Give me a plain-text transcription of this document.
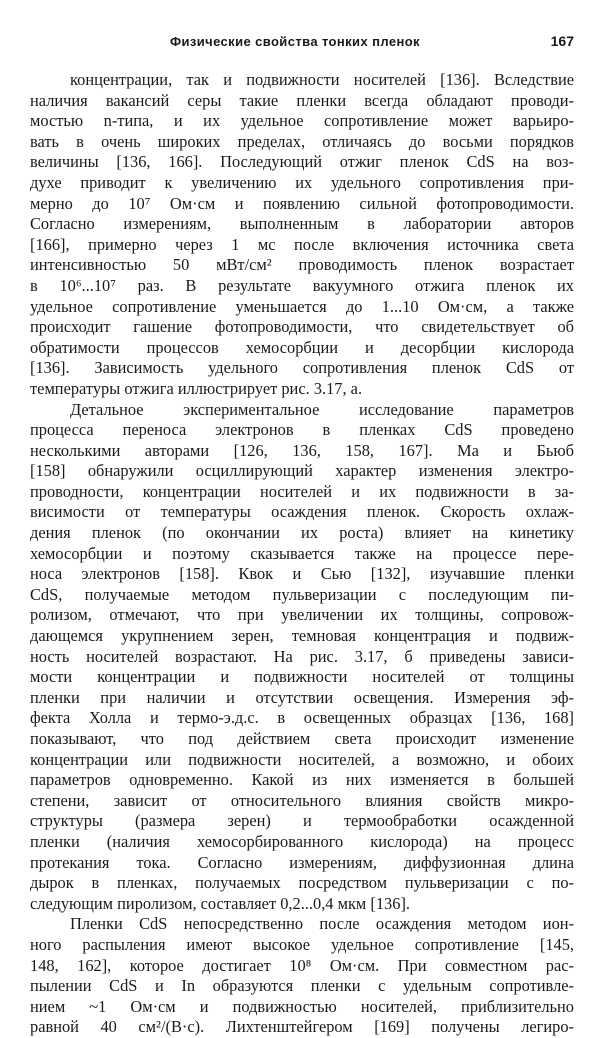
Физические свойства тонких пленок	167
концентрации, так и подвижности носителей [136]. Вследствие
наличия вакансий серы такие пленки всегда обладают проводи-
мостью n-типа, и их удельное сопротивление может варьиро-
вать в очень широких пределах, отличаясь до восьми порядков
величины [136, 166]. Последующий отжиг пленок CdS на воз-
духе приводит к увеличению их удельного сопротивления при-
мерно до 10⁷ Ом·см и появлению сильной фотопроводимости.
Согласно измерениям, выполненным в лаборатории авторов
[166], примерно через 1 мс после включения источника света
интенсивностью 50 мВт/см² проводимость пленок возрастает
в 10⁶...10⁷ раз. В результате вакуумного отжига пленок их
удельное сопротивление уменьшается до 1...10 Ом·см, а также
происходит гашение фотопроводимости, что свидетельствует об
обратимости процессов хемосорбции и десорбции кислорода
[136]. Зависимость удельного сопротивления пленок CdS от
температуры отжига иллюстрирует рис. 3.17, а.
Детальное экспериментальное исследование параметров
процесса переноса электронов в пленках CdS проведено
несколькими авторами [126, 136, 158, 167]. Ма и Бьюб
[158] обнаружили осциллирующий характер изменения электро-
проводности, концентрации носителей и их подвижности в за-
висимости от температуры осаждения пленок. Скорость охлаж-
дения пленок (по окончании их роста) влияет на кинетику
хемосорбции и поэтому сказывается также на процессе пере-
носа электронов [158]. Квок и Сью [132], изучавшие пленки
CdS, получаемые методом пульверизации с последующим пи-
ролизом, отмечают, что при увеличении их толщины, сопровож-
дающемся укрупнением зерен, темновая концентрация и подвиж-
ность носителей возрастают. На рис. 3.17, б приведены зависи-
мости концентрации и подвижности носителей от толщины
пленки при наличии и отсутствии освещения. Измерения эф-
фекта Холла и термо-э.д.с. в освещенных образцах [136, 168]
показывают, что под действием света происходит изменение
концентрации или подвижности носителей, а возможно, и обоих
параметров одновременно. Какой из них изменяется в большей
степени, зависит от относительного влияния свойств микро-
структуры (размера зерен) и термообработки осажденной
пленки (наличия хемосорбированного кислорода) на процесс
протекания тока. Согласно измерениям, диффузионная длина
дырок в пленках, получаемых посредством пульверизации с по-
следующим пиролизом, составляет 0,2...0,4 мкм [136].
Пленки CdS непосредственно после осаждения методом ион-
ного распыления имеют высокое удельное сопротивление [145,
148, 162], которое достигает 10⁸ Ом·см. При совместном рас-
пылении CdS и In образуются пленки с удельным сопротивле-
нием ~1 Ом·см и подвижностью носителей, приблизительно
равной 40 см²/(В·с). Лихтенштейгером [169] получены легиро-
